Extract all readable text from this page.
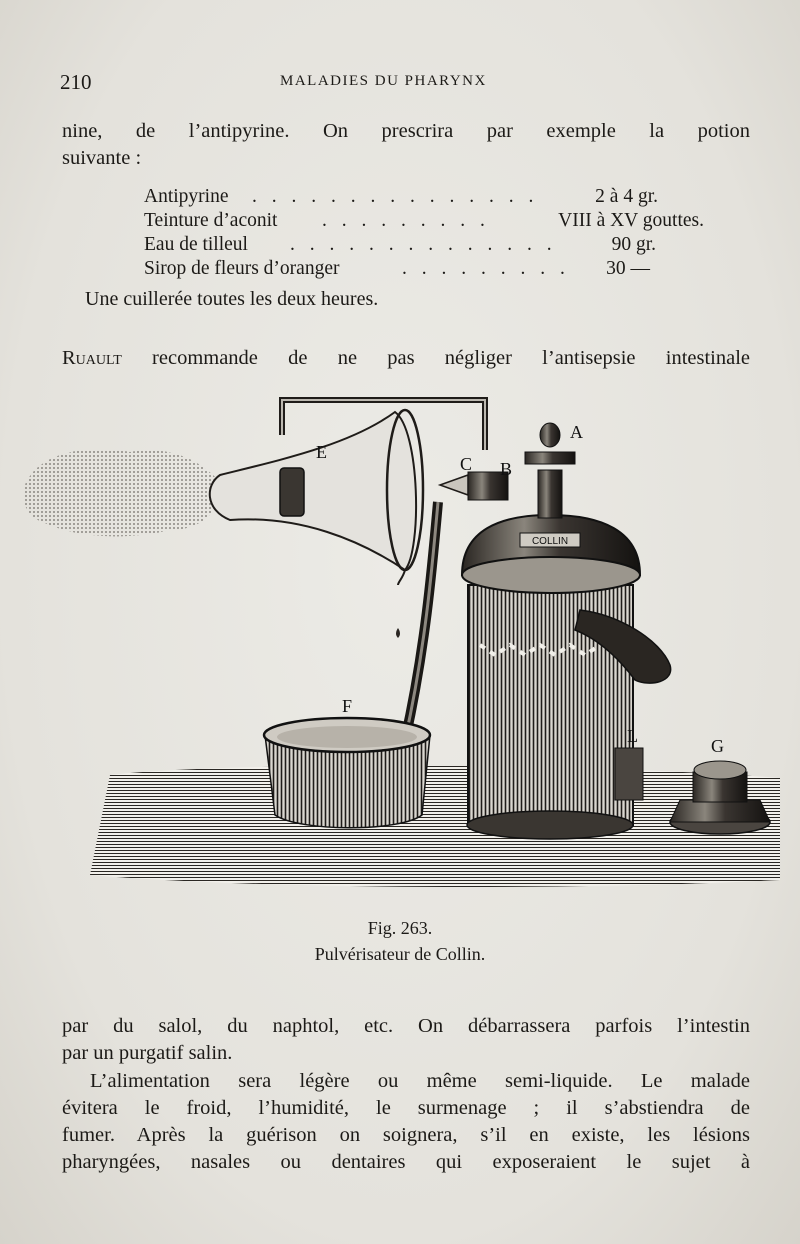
210	MALADIES DU PHARYNX
nine, de l’antipyrine. On prescrira par exemple la potion
suivante :
Antipyrine . . . . . . . . . . . . . . .	2 à 4 gr.
Teinture d’aconit . . . . . . . . .	VIII à XV gouttes.
Eau de tilleul . . . . . . . . . . . . . .	90 gr.
Sirop de fleurs d’oranger	. . . . . . . . . 30 —
Une cuillerée toutes les deux heures.
Ruault recommande de ne pas négliger l’antisepsie intestinale
COLLIN
E
C B
A
F
L	G
Fig. 263.
Pulvérisateur de Collin.
par du salol, du naphtol, etc. On débarrassera parfois l’intestin
par un purgatif salin.
L’alimentation sera légère ou même semi-liquide. Le malade
évitera le froid, l’humidité, le surmenage ; il s’abstiendra de
fumer. Après la guérison on soignera, s’il en existe, les lésions
pharyngées, nasales ou dentaires qui exposeraient le sujet à
